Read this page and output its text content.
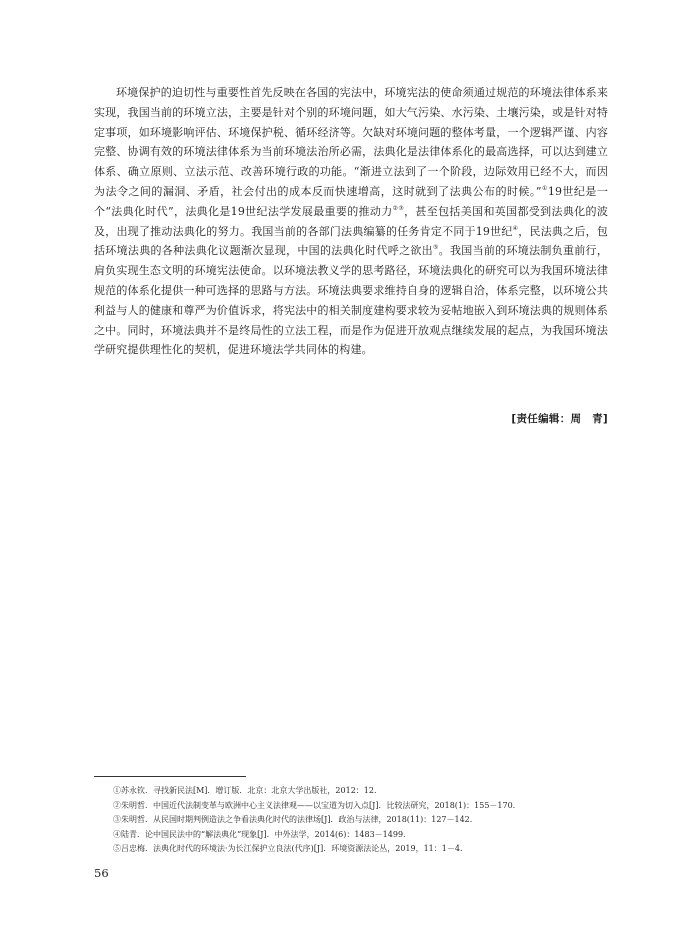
环境保护的迫切性与重要性首先反映在各国的宪法中，环境宪法的使命须通过规范的环境法律体系来实现，我国当前的环境立法，主要是针对个别的环境问题，如大气污染、水污染、土壤污染，或是针对特定事项，如环境影响评估、环境保护税、循环经济等。欠缺对环境问题的整体考量，一个逻辑严谨、内容完整、协调有效的环境法律体系为当前环境法治所必需，法典化是法律体系化的最高选择，可以达到建立体系、确立原则、立法示范、改善环境行政的功能。“渐进立法到了一个阶段，边际效用已经不大，而因为法令之间的漏洞、矛盾，社会付出的成本反而快速增高，这时就到了法典公布的时候。”①19世纪是一个“法典化时代”，法典化是19世纪法学发展最重要的推动力②③，甚至包括美国和英国都受到法典化的波及，出现了推动法典化的努力。我国当前的各部门法典编纂的任务肯定不同于19世纪④，民法典之后，包括环境法典的各种法典化议题渐次显现，中国的法典化时代呼之欲出⑤。我国当前的环境法制负重前行，肩负实现生态文明的环境宪法使命。以环境法教义学的思考路径，环境法典化的研究可以为我国环境法律规范的体系化提供一种可选择的思路与方法。环境法典要求维持自身的逻辑自洽，体系完整，以环境公共利益与人的健康和尊严为价值诉求，将宪法中的相关制度建构要求较为妥帖地嵌入到环境法典的规则体系之中。同时，环境法典并不是终局性的立法工程，而是作为促进开放观点继续发展的起点，为我国环境法学研究提供理性化的契机，促进环境法学共同体的构建。

[责任编辑：周　青]
①苏永钦．寻找新民法[M]．增订版．北京：北京大学出版社，2012：12.
②朱明哲．中国近代法制变革与欧洲中心主义法律观——以宝道为切入点[J]．比较法研究，2018(1)：155－170.
③朱明哲．从民国时期判例造法之争看法典化时代的法律场[J]．政治与法律，2018(11)：127－142.
④陆青．论中国民法中的“解法典化”现象[J]．中外法学，2014(6)：1483－1499.
⑤吕忠梅．法典化时代的环境法·为长江保护立良法(代序)[J]．环境资源法论丛，2019，11：1－4.
56
